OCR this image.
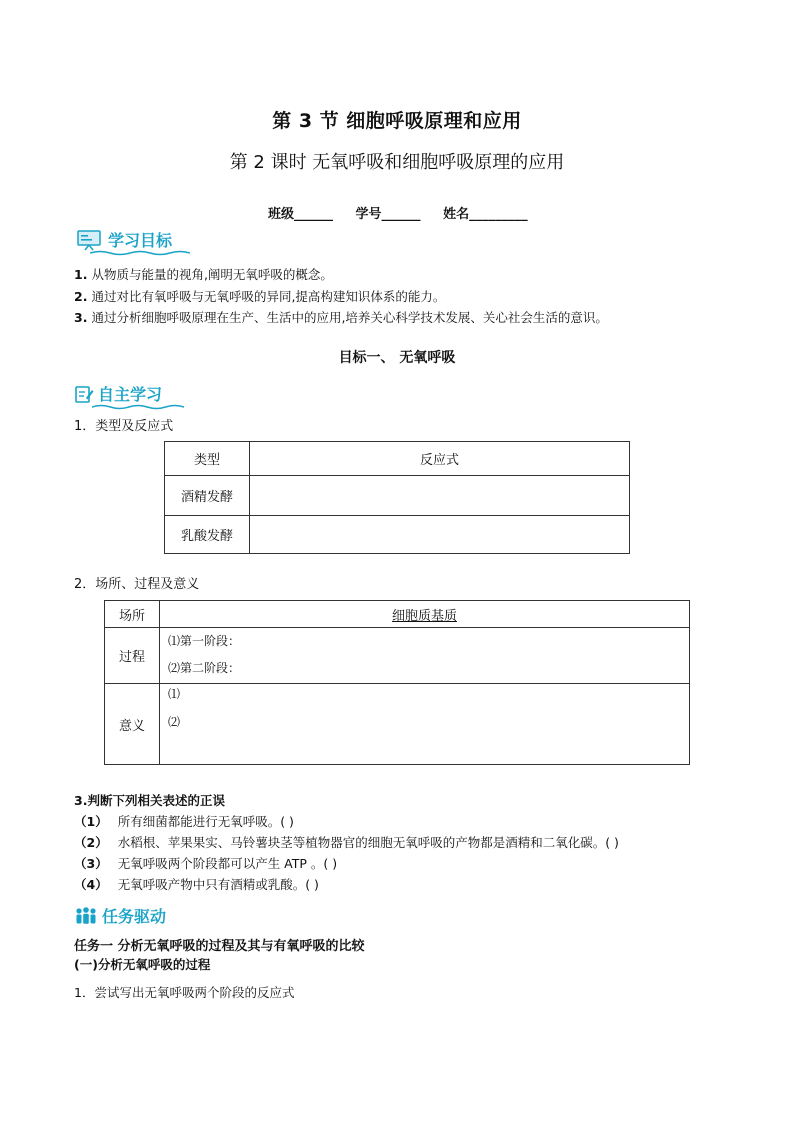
第 3 节 细胞呼吸原理和应用
第 2 课时 无氧呼吸和细胞呼吸原理的应用
班级______ 学号______ 姓名_________
学习目标
1. 从物质与能量的视角,阐明无氧呼吸的概念。
2. 通过对比有氧呼吸与无氧呼吸的异同,提高构建知识体系的能力。
3. 通过分析细胞呼吸原理在生产、生活中的应用,培养关心科学技术发展、关心社会生活的意识。
目标一、 无氧呼吸
自主学习
1．类型及反应式
类型	反应式
酒精发酵	
乳酸发酵	
2．场所、过程及意义
场所	细胞质基质
过程	⑴第一阶段：
⑵第二阶段：

意义	⑴
⑵
3.判断下列相关表述的正误
（1） 所有细菌都能进行无氧呼吸。( )
（2） 水稻根、苹果果实、马铃薯块茎等植物器官的细胞无氧呼吸的产物都是酒精和二氧化碳。( )
（3） 无氧呼吸两个阶段都可以产生 ATP 。( )
（4） 无氧呼吸产物中只有酒精或乳酸。( )
任务驱动
任务一 分析无氧呼吸的过程及其与有氧呼吸的比较
(一)分析无氧呼吸的过程
1．尝试写出无氧呼吸两个阶段的反应式
